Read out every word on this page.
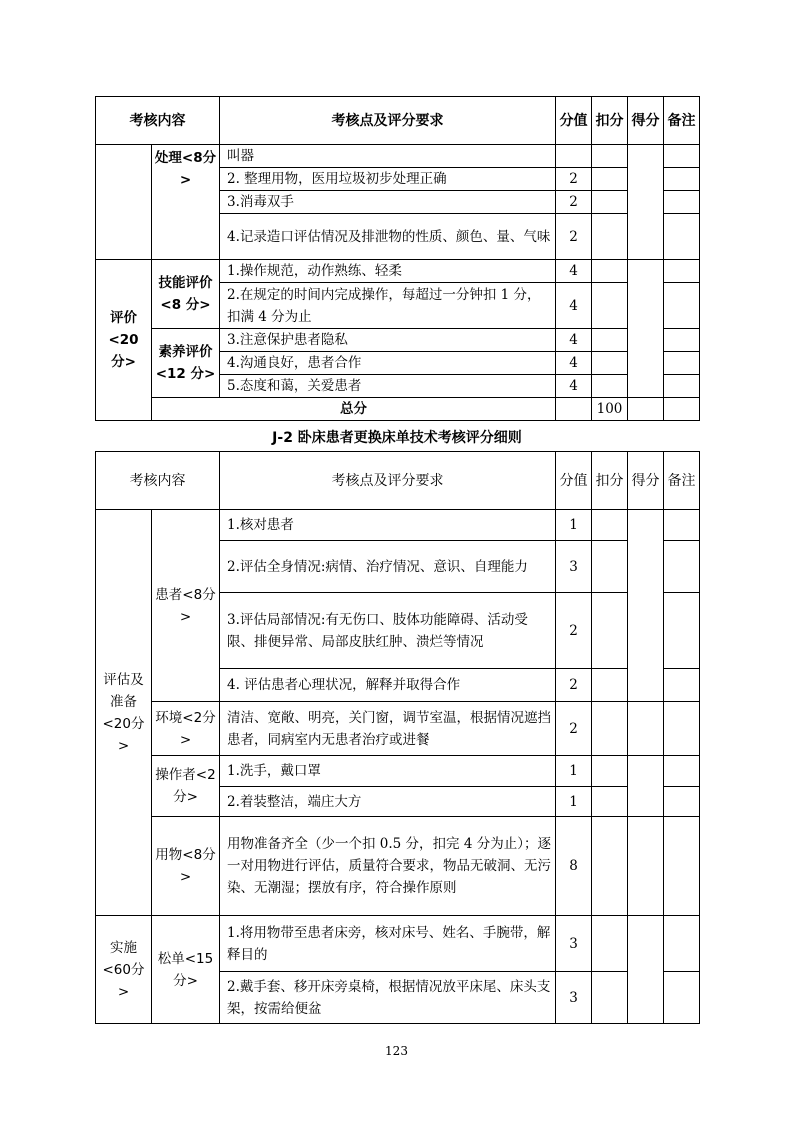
考核内容		考核点及评分要求	分值	扣分	得分	备注
	处理<8分>	叫器				
		2. 整理用物，医用垃圾初步处理正确	2			
		3.消毒双手	2			
		4.记录造口评估情况及排泄物的性质、颜色、量、气味	2			
评价<20 分>	技能评价<8 分>	1.操作规范，动作熟练、轻柔	4			
		2.在规定的时间内完成操作，每超过一分钟扣 1 分，扣满 4 分为止	4			
	素养评价<12 分>	3.注意保护患者隐私	4			
		4.沟通良好，患者合作	4			
		5.态度和蔼，关爱患者	4			
	总分			100		
J-2 卧床患者更换床单技术考核评分细则
考核内容		考核点及评分要求	分值	扣分	得分	备注
评估及准备<20分>	患者<8分>	1.核对患者	1			
		2.评估全身情况:病情、治疗情况、意识、自理能力	3			
		3.评估局部情况:有无伤口、肢体功能障碍、活动受限、排便异常、局部皮肤红肿、溃烂等情况	2			
		4. 评估患者心理状况，解释并取得合作	2			
	环境<2分>	清洁、宽敞、明亮，关门窗，调节室温，根据情况遮挡患者，同病室内无患者治疗或进餐	2			
	操作者<2分>	1.洗手，戴口罩	1			
		2.着装整洁，端庄大方	1			
	用物<8分>	用物准备齐全（少一个扣 0.5 分，扣完 4 分为止）；逐一对用物进行评估，质量符合要求，物品无破洞、无污染、无潮湿；摆放有序，符合操作原则	8			

实施<60分>	松单<15分>	1.将用物带至患者床旁，核对床号、姓名、手腕带，解释目的	3			
		2.戴手套、移开床旁桌椅，根据情况放平床尾、床头支架，按需给便盆	3			
123
